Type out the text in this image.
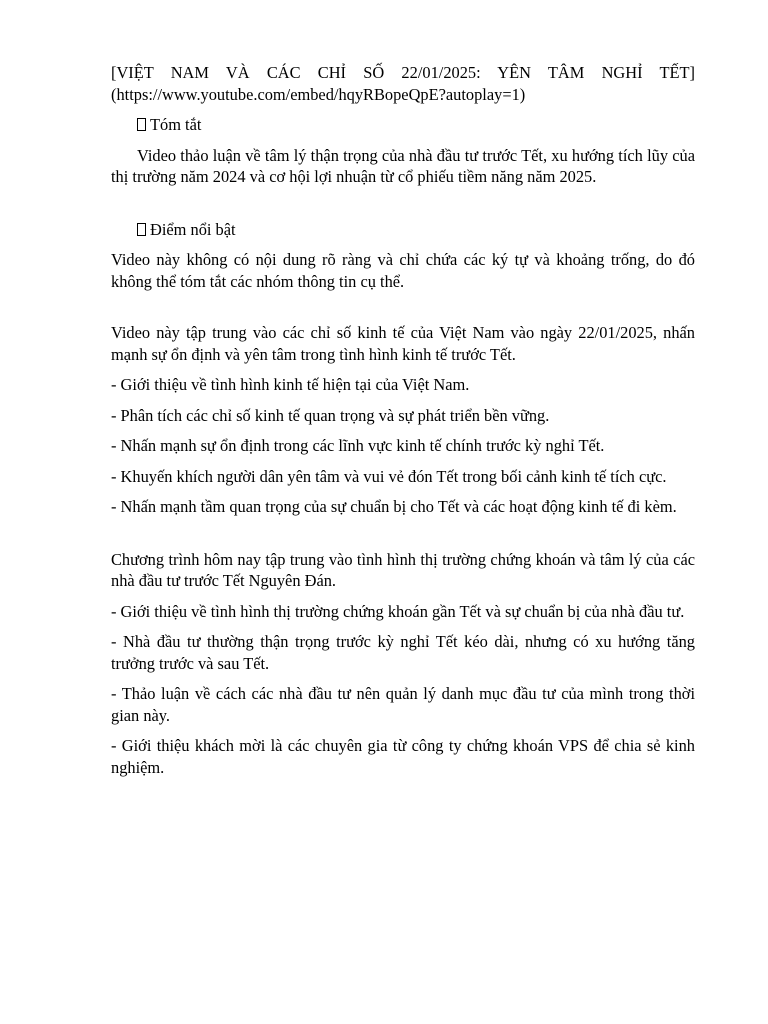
[VIỆT NAM VÀ CÁC CHỈ SỐ 22/01/2025: YÊN TÂM NGHỈ TẾT]

(https://www.youtube.com/embed/hqyRBopeQpE?autoplay=1)

Tóm tắt

Video thảo luận về tâm lý thận trọng của nhà đầu tư trước Tết, xu hướng tích lũy của thị trường năm 2024 và cơ hội lợi nhuận từ cổ phiếu tiềm năng năm 2025.

Điểm nổi bật

Video này không có nội dung rõ ràng và chỉ chứa các ký tự và khoảng trống, do đó không thể tóm tắt các nhóm thông tin cụ thể.

Video này tập trung vào các chỉ số kinh tế của Việt Nam vào ngày 22/01/2025, nhấn mạnh sự ổn định và yên tâm trong tình hình kinh tế trước Tết.

- Giới thiệu về tình hình kinh tế hiện tại của Việt Nam.

- Phân tích các chỉ số kinh tế quan trọng và sự phát triển bền vững.

- Nhấn mạnh sự ổn định trong các lĩnh vực kinh tế chính trước kỳ nghỉ Tết.

- Khuyến khích người dân yên tâm và vui vẻ đón Tết trong bối cảnh kinh tế tích cực.

- Nhấn mạnh tầm quan trọng của sự chuẩn bị cho Tết và các hoạt động kinh tế đi kèm.

Chương trình hôm nay tập trung vào tình hình thị trường chứng khoán và tâm lý của các nhà đầu tư trước Tết Nguyên Đán.

- Giới thiệu về tình hình thị trường chứng khoán gần Tết và sự chuẩn bị của nhà đầu tư.

- Nhà đầu tư thường thận trọng trước kỳ nghỉ Tết kéo dài, nhưng có xu hướng tăng trưởng trước và sau Tết.

- Thảo luận về cách các nhà đầu tư nên quản lý danh mục đầu tư của mình trong thời gian này.

- Giới thiệu khách mời là các chuyên gia từ công ty chứng khoán VPS để chia sẻ kinh nghiệm.
